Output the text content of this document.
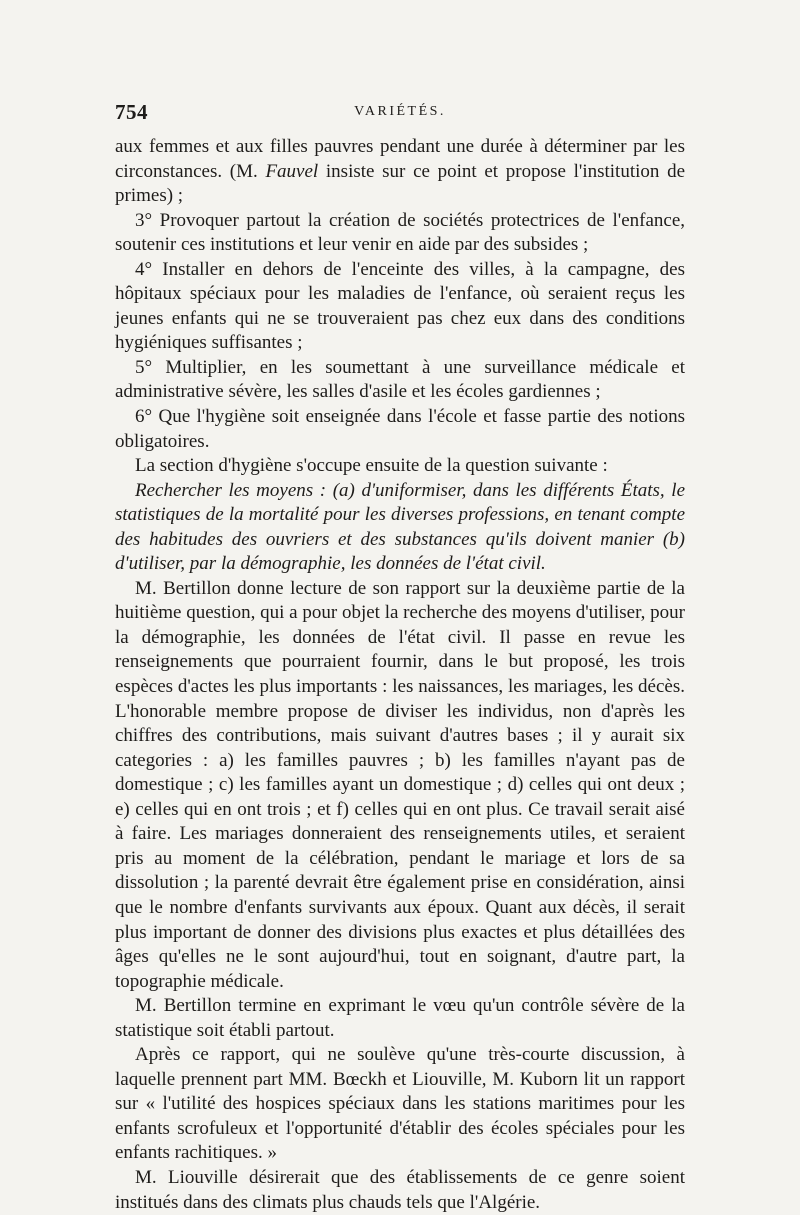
754	VARIÉTÉS.

aux femmes et aux filles pauvres pendant une durée à déterminer par les circonstances. (M. Fauvel insiste sur ce point et propose l'institution de primes) ;

3° Provoquer partout la création de sociétés protectrices de l'enfance, soutenir ces institutions et leur venir en aide par des subsides ;

4° Installer en dehors de l'enceinte des villes, à la campagne, des hôpitaux spéciaux pour les maladies de l'enfance, où seraient reçus les jeunes enfants qui ne se trouveraient pas chez eux dans des conditions hygiéniques suffisantes ;

5° Multiplier, en les soumettant à une surveillance médicale et administrative sévère, les salles d'asile et les écoles gardiennes ;

6° Que l'hygiène soit enseignée dans l'école et fasse partie des notions obligatoires.

La section d'hygiène s'occupe ensuite de la question suivante :

Rechercher les moyens : (a) d'uniformiser, dans les différents États, le statistiques de la mortalité pour les diverses professions, en tenant compte des habitudes des ouvriers et des substances qu'ils doivent manier (b) d'utiliser, par la démographie, les données de l'état civil.

M. Bertillon donne lecture de son rapport sur la deuxième partie de la huitième question, qui a pour objet la recherche des moyens d'utiliser, pour la démographie, les données de l'état civil. Il passe en revue les renseignements que pourraient fournir, dans le but proposé, les trois espèces d'actes les plus importants : les naissances, les mariages, les décès. L'honorable membre propose de diviser les individus, non d'après les chiffres des contributions, mais suivant d'autres bases ; il y aurait six categories : a) les familles pauvres ; b) les familles n'ayant pas de domestique ; c) les familles ayant un domestique ; d) celles qui ont deux ; e) celles qui en ont trois ; et f) celles qui en ont plus. Ce travail serait aisé à faire. Les mariages donneraient des renseignements utiles, et seraient pris au moment de la célébration, pendant le mariage et lors de sa dissolution ; la parenté devrait être également prise en considération, ainsi que le nombre d'enfants survivants aux époux. Quant aux décès, il serait plus important de donner des divisions plus exactes et plus détaillées des âges qu'elles ne le sont aujourd'hui, tout en soignant, d'autre part, la topographie médicale.

M. Bertillon termine en exprimant le vœu qu'un contrôle sévère de la statistique soit établi partout.

Après ce rapport, qui ne soulève qu'une très-courte discussion, à laquelle prennent part MM. Bœckh et Liouville, M. Kuborn lit un rapport sur « l'utilité des hospices spéciaux dans les stations maritimes pour les enfants scrofuleux et l'opportunité d'établir des écoles spéciales pour les enfants rachitiques. »

M. Liouville désirerait que des établissements de ce genre soient institués dans des climats plus chauds tels que l'Algérie.
